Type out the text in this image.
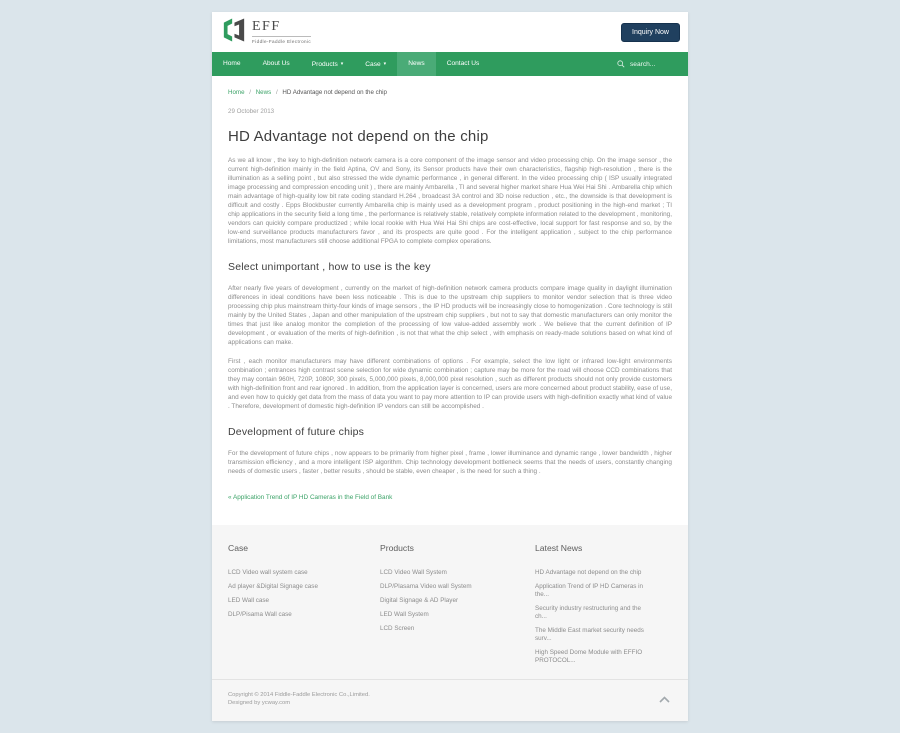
EFF
Fiddle-Faddle Electronic
Inquiry Now
Home	About Us	Products ▾	Case ▾	News	Contact Us
search...
Home / News / HD Advantage not depend on the chip
29 October 2013
HD Advantage not depend on the chip

As we all know , the key to high-definition network camera is a core component of the image sensor and video processing chip. On the image sensor , the current high-definition mainly in the field Aptina, OV and Sony, its Sensor products have their own characteristics, flagship high-resolution , there is the illumination as a selling point , but also stressed the wide dynamic performance , in general different. In the video processing chip ( ISP usually integrated image processing and compression encoding unit ) , there are mainly Ambarella , TI and several higher market share Hua Wei Hai Shi . Ambarella chip which main advantage of high-quality low bit rate coding standard H.264 , broadcast 3A control and 3D noise reduction , etc., the downside is that development is difficult and costly . Epps Blockbuster currently Ambarella chip is mainly used as a development program , product positioning in the high-end market ; TI chip applications in the security field a long time , the performance is relatively stable, relatively complete information related to the development , monitoring, vendors can quickly compare productized ; while local rookie with Hua Wei Hai Shi chips are cost-effective, local support for fast response and so, by the low-end surveillance products manufacturers favor , and its prospects are quite good . For the intelligent application , subject to the chip performance limitations, most manufacturers still choose additional FPGA to complete complex operations.

Select unimportant , how to use is the key

After nearly five years of development , currently on the market of high-definition network camera products compare image quality in daylight illumination differences in ideal conditions have been less noticeable . This is due to the upstream chip suppliers to monitor vendor selection that is three video processing chip plus mainstream thirty-four kinds of image sensors , the IP HD products will be increasingly close to homogenization . Core technology is still mainly by the United States , Japan and other manipulation of the upstream chip suppliers , but not to say that domestic manufacturers can only monitor the times that just like analog monitor the completion of the processing of low value-added assembly work . We believe that the current definition of IP development , or evaluation of the merits of high-definition , is not that what the chip select , with emphasis on ready-made solutions based on what kind of applications can make.

First , each monitor manufacturers may have different combinations of options . For example, select the low light or infrared low-light environments combination ; entrances high contrast scene selection for wide dynamic combination ; capture may be more for the road will choose CCD combinations that they may contain 960H, 720P, 1080P, 300 pixels, 5,000,000 pixels, 8,000,000 pixel resolution , such as different products should not only provide customers with high-definition front and rear ignored . In addition, from the application layer is concerned, users are more concerned about product stability, ease of use, and even how to quickly get data from the mass of data you want to pay more attention to IP can provide users with high-definition exactly what kind of value . Therefore, development of domestic high-definition IP vendors can still be accomplished .

Development of future chips

For the development of future chips , now appears to be primarily from higher pixel , frame , lower illuminance and dynamic range , lower bandwidth , higher transmission efficiency , and a more intelligent ISP algorithm. Chip technology development bottleneck seems that the needs of users, constantly changing needs of domestic users , faster , better results , should be stable, even cheaper , is the need for such a thing .

« Application Trend of IP HD Cameras in the Field of Bank
Case
LCD Video wall system case
Ad player &Digital Signage case
LED Wall case
DLP/Pisama Wall case
Products
LCD Video Wall System
DLP/Plasama Video wall System
Digital Signage & AD Player
LED Wall System
LCD Screen
Latest News
HD Advantage not depend on the chip
Application Trend of IP HD Cameras in the...
Security industry restructuring and the ch...
The Middle East market security needs surv...
High Speed Dome Module with EFFIO PROTOCOL...
Copyright © 2014 Fiddle-Faddle Electronic Co.,Limited.
Designed by ycway.com
